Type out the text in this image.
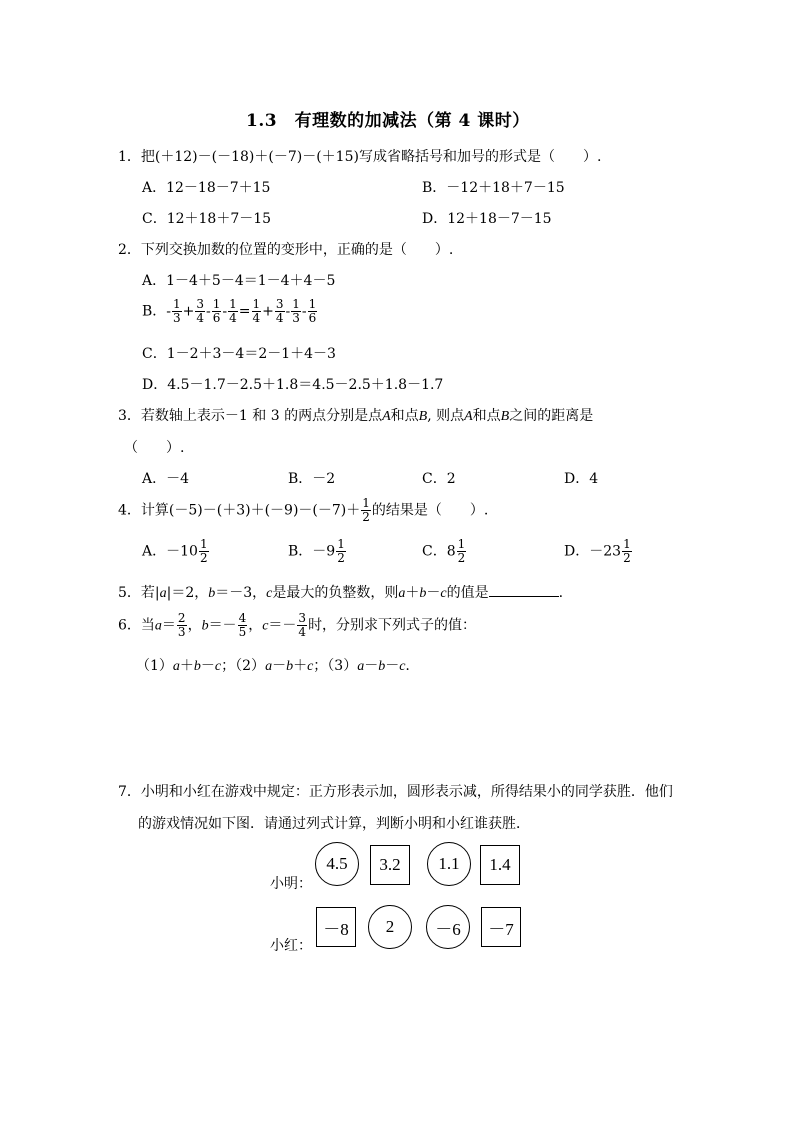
1.3　有理数的加减法（第 4 课时）
1．把(＋12)－(－18)＋(－7)－(＋15)写成省略括号和加号的形式是（　　）.
A．12－18－7＋15	B．－12＋18＋7－15
C．12＋18＋7－15	D．12＋18－7－15
2．下列交换加数的位置的变形中，正确的是（　　）.
A．1－4＋5－4＝1－4＋4－5
B．- $\frac{1}{3} + \frac{3}{4} - \frac{1}{6} - \frac{1}{4} = \frac{1}{4} + \frac{3}{4} - \frac{1}{3} - \frac{1}{6}$
C．1－2＋3－4＝2－1＋4－3
D．4.5－1.7－2.5＋1.8＝4.5－2.5＋1.8－1.7
3．若数轴上表示－1 和 3 的两点分别是点A和点B, 则点A和点B之间的距离是
（　　）.
A．－4	B．－2	C．2	D．4
4．计算$(-5)-(+3)+(-9)-(-7)+ \frac{1}{2}$ 的结果是（　　）.
A．$-10 \frac{1}{2}$	B．$-9 \frac{1}{2}$	C．$8 \frac{1}{2}$	D．$-23 \frac{1}{2}$
5．若|a|＝2，b＝－3，c是最大的负整数，则a＋b－c的值是	.
6．当$a= \frac{2}{3}$ ，$b=- \frac{4}{5}$ ，$c=- \frac{3}{4}$ 时，分别求下列式子的值：
（1）a＋b－c；（2）a－b＋c；（3）a－b－c.
7．小明和小红在游戏中规定：正方形表示加，圆形表示减，所得结果小的同学获胜．他们
的游戏情况如下图．请通过列式计算，判断小明和小红谁获胜．
小明：
4.5	3.2	1.1	1.4
小红：
－8	2	－6	－7
